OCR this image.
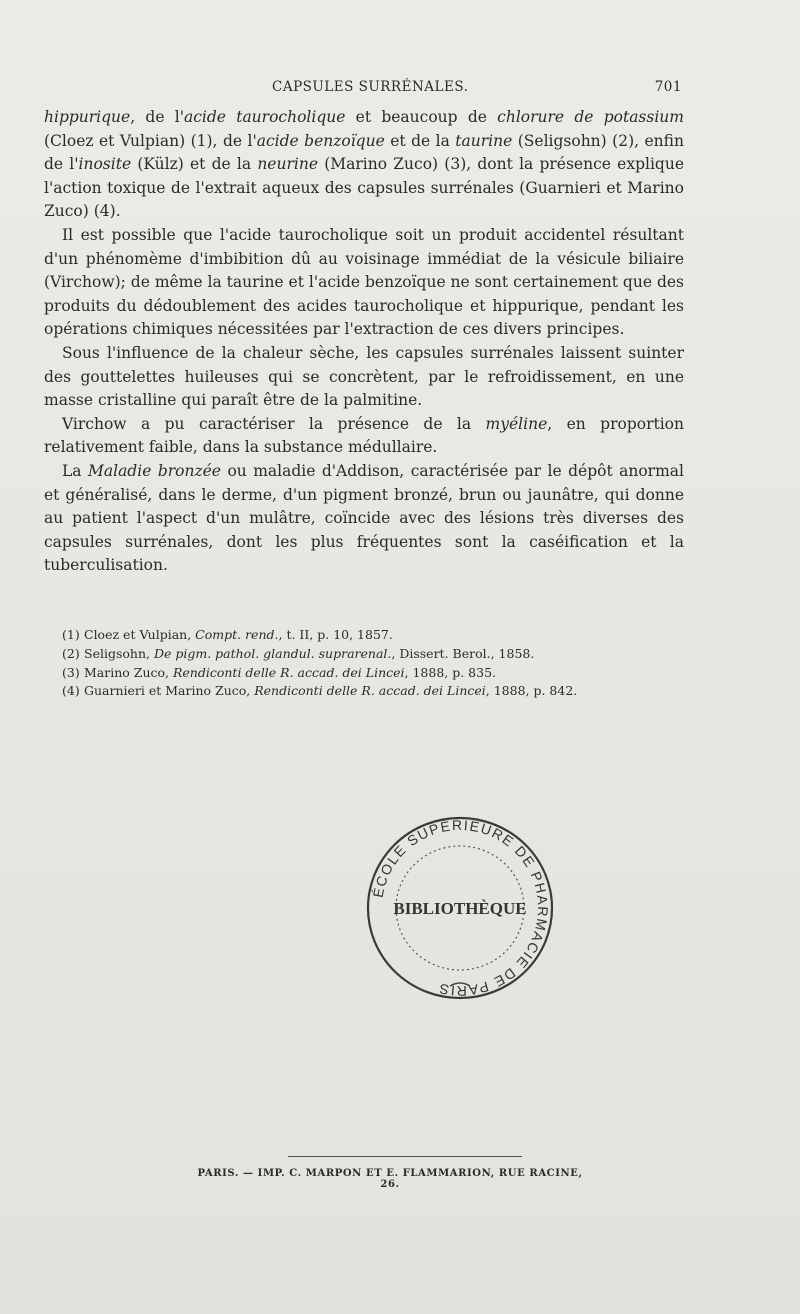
CAPSULES SURRÉNALES.	701

hippurique, de l'acide taurocholique et beaucoup de chlorure de potassium (Cloez et Vulpian) (1), de l'acide benzoïque et de la taurine (Seligsohn) (2), enfin de l'inosite (Külz) et de la neurine (Marino Zuco) (3), dont la présence explique l'action toxique de l'extrait aqueux des capsules surrénales (Guarnieri et Marino Zuco) (4).

Il est possible que l'acide taurocholique soit un produit accidentel résultant d'un phénomème d'imbibition dû au voisinage immédiat de la vésicule biliaire (Virchow); de même la taurine et l'acide benzoïque ne sont certainement que des produits du dédoublement des acides taurocholique et hippurique, pendant les opérations chimiques nécessitées par l'extraction de ces divers principes.

Sous l'influence de la chaleur sèche, les capsules surrénales laissent suinter des gouttelettes huileuses qui se concrètent, par le refroidissement, en une masse cristalline qui paraît être de la palmitine.

Virchow a pu caractériser la présence de la myéline, en proportion relativement faible, dans la substance médullaire.

La Maladie bronzée ou maladie d'Addison, caractérisée par le dépôt anormal et généralisé, dans le derme, d'un pigment bronzé, brun ou jaunâtre, qui donne au patient l'aspect d'un mulâtre, coïncide avec des lésions très diverses des capsules surrénales, dont les plus fréquentes sont la caséification et la tuberculisation.

(1) Cloez et Vulpian, Compt. rend., t. II, p. 10, 1857.
(2) Seligsohn, De pigm. pathol. glandul. suprarenal., Dissert. Berol., 1858.
(3) Marino Zuco, Rendiconti delle R. accad. dei Lincei, 1888, p. 835.
(4) Guarnieri et Marino Zuco, Rendiconti delle R. accad. dei Lincei, 1888, p. 842.
ÉCOLE SUPÉRIEURE DE PHARMACIE DE PARIS
BIBLIOTHÈQUE
PARIS. — IMP. C. MARPON ET E. FLAMMARION, RUE RACINE, 26.
